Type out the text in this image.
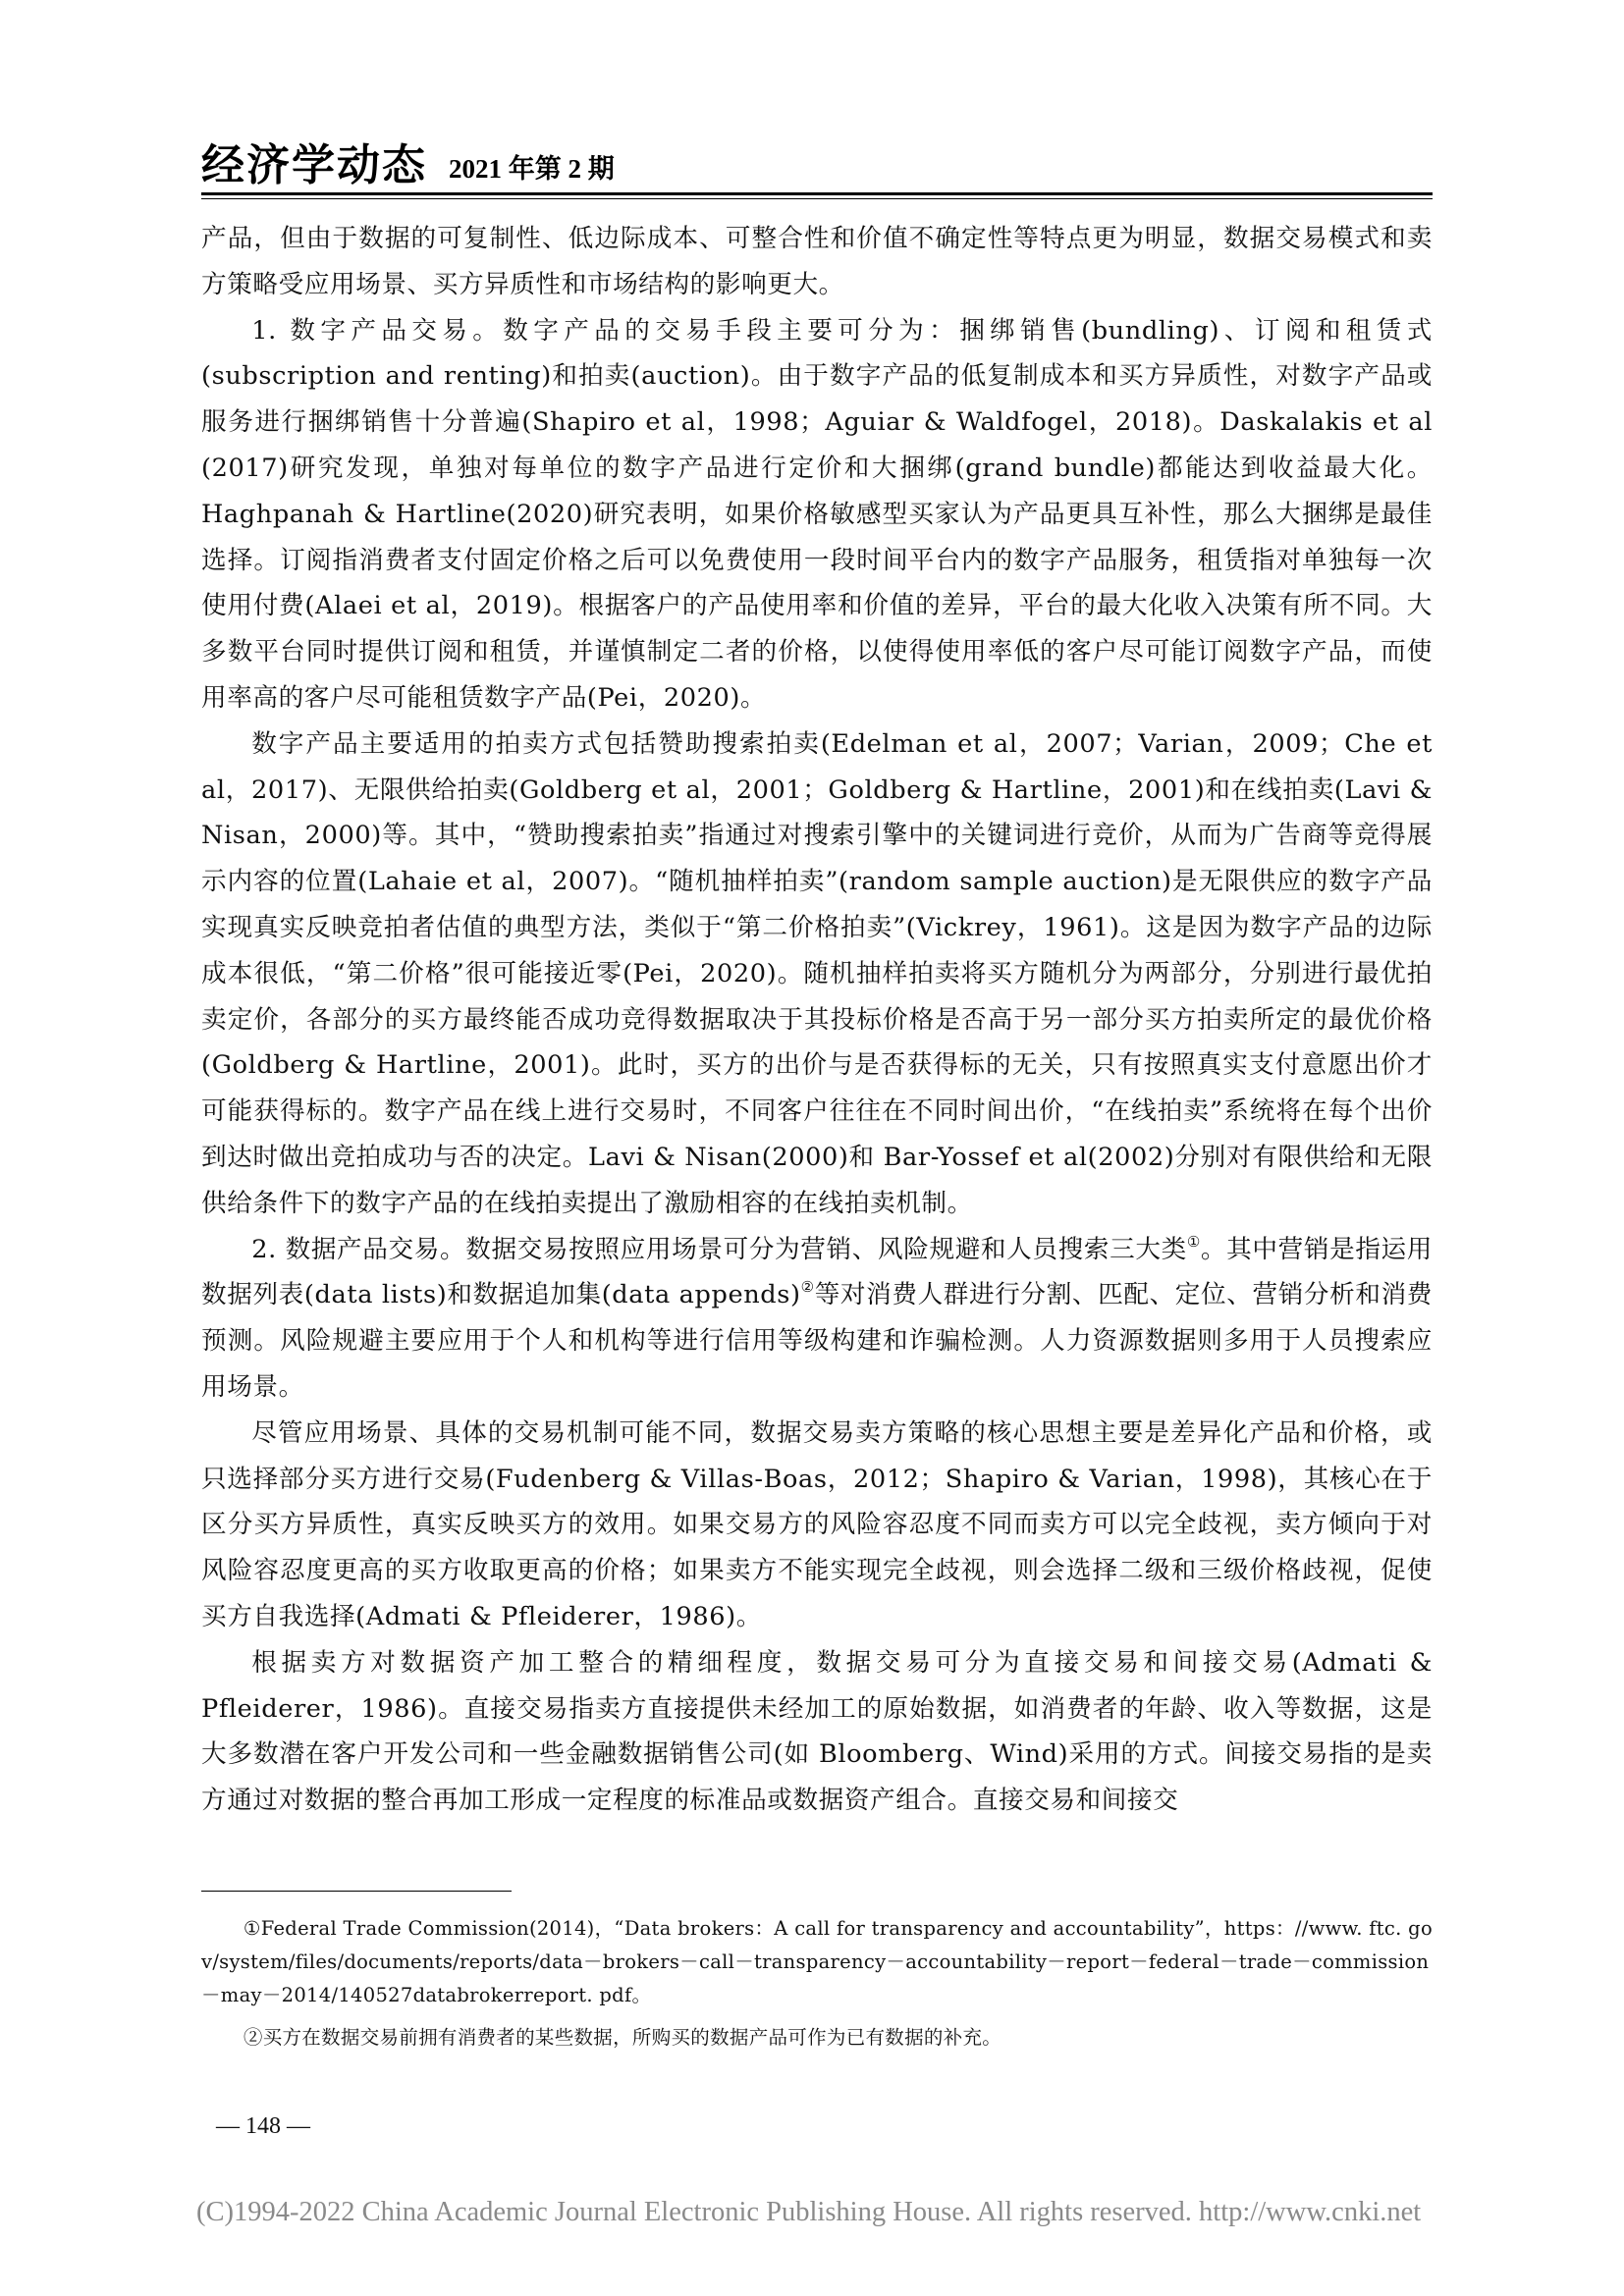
经济学动态 2021 年第 2 期

产品，但由于数据的可复制性、低边际成本、可整合性和价值不确定性等特点更为明显，数据交易模式和卖方策略受应用场景、买方异质性和市场结构的影响更大。

1. 数字产品交易。数字产品的交易手段主要可分为：捆绑销售(bundling)、订阅和租赁式(subscription and renting)和拍卖(auction)。由于数字产品的低复制成本和买方异质性，对数字产品或服务进行捆绑销售十分普遍(Shapiro et al，1998；Aguiar & Waldfogel，2018)。Daskalakis et al (2017)研究发现，单独对每单位的数字产品进行定价和大捆绑(grand bundle)都能达到收益最大化。Haghpanah & Hartline(2020)研究表明，如果价格敏感型买家认为产品更具互补性，那么大捆绑是最佳选择。订阅指消费者支付固定价格之后可以免费使用一段时间平台内的数字产品服务，租赁指对单独每一次使用付费(Alaei et al，2019)。根据客户的产品使用率和价值的差异，平台的最大化收入决策有所不同。大多数平台同时提供订阅和租赁，并谨慎制定二者的价格，以使得使用率低的客户尽可能订阅数字产品，而使用率高的客户尽可能租赁数字产品(Pei，2020)。

数字产品主要适用的拍卖方式包括赞助搜索拍卖(Edelman et al，2007；Varian，2009；Che et al，2017)、无限供给拍卖(Goldberg et al，2001；Goldberg & Hartline，2001)和在线拍卖(Lavi & Nisan，2000)等。其中，“赞助搜索拍卖”指通过对搜索引擎中的关键词进行竞价，从而为广告商等竞得展示内容的位置(Lahaie et al，2007)。“随机抽样拍卖”(random sample auction)是无限供应的数字产品实现真实反映竞拍者估值的典型方法，类似于“第二价格拍卖”(Vickrey，1961)。这是因为数字产品的边际成本很低，“第二价格”很可能接近零(Pei，2020)。随机抽样拍卖将买方随机分为两部分，分别进行最优拍卖定价，各部分的买方最终能否成功竞得数据取决于其投标价格是否高于另一部分买方拍卖所定的最优价格(Goldberg & Hartline，2001)。此时，买方的出价与是否获得标的无关，只有按照真实支付意愿出价才可能获得标的。数字产品在线上进行交易时，不同客户往往在不同时间出价，“在线拍卖”系统将在每个出价到达时做出竞拍成功与否的决定。Lavi & Nisan(2000)和 Bar-Yossef et al(2002)分别对有限供给和无限供给条件下的数字产品的在线拍卖提出了激励相容的在线拍卖机制。

2. 数据产品交易。数据交易按照应用场景可分为营销、风险规避和人员搜索三大类①。其中营销是指运用数据列表(data lists)和数据追加集(data appends)②等对消费人群进行分割、匹配、定位、营销分析和消费预测。风险规避主要应用于个人和机构等进行信用等级构建和诈骗检测。人力资源数据则多用于人员搜索应用场景。

尽管应用场景、具体的交易机制可能不同，数据交易卖方策略的核心思想主要是差异化产品和价格，或只选择部分买方进行交易(Fudenberg & Villas-Boas，2012；Shapiro & Varian，1998)，其核心在于区分买方异质性，真实反映买方的效用。如果交易方的风险容忍度不同而卖方可以完全歧视，卖方倾向于对风险容忍度更高的买方收取更高的价格；如果卖方不能实现完全歧视，则会选择二级和三级价格歧视，促使买方自我选择(Admati & Pfleiderer，1986)。

根据卖方对数据资产加工整合的精细程度，数据交易可分为直接交易和间接交易(Admati & Pfleiderer，1986)。直接交易指卖方直接提供未经加工的原始数据，如消费者的年龄、收入等数据，这是大多数潜在客户开发公司和一些金融数据销售公司(如 Bloomberg、Wind)采用的方式。间接交易指的是卖方通过对数据的整合再加工形成一定程度的标准品或数据资产组合。直接交易和间接交

①Federal Trade Commission(2014)，“Data brokers：A call for transparency and accountability”，https：//www. ftc. gov/system/files/documents/reports/data－brokers－call－transparency－accountability－report－federal－trade－commission－may－2014/140527databrokerreport. pdf。

②买方在数据交易前拥有消费者的某些数据，所购买的数据产品可作为已有数据的补充。

— 148 —
(C)1994-2022 China Academic Journal Electronic Publishing House. All rights reserved. http://www.cnki.net
